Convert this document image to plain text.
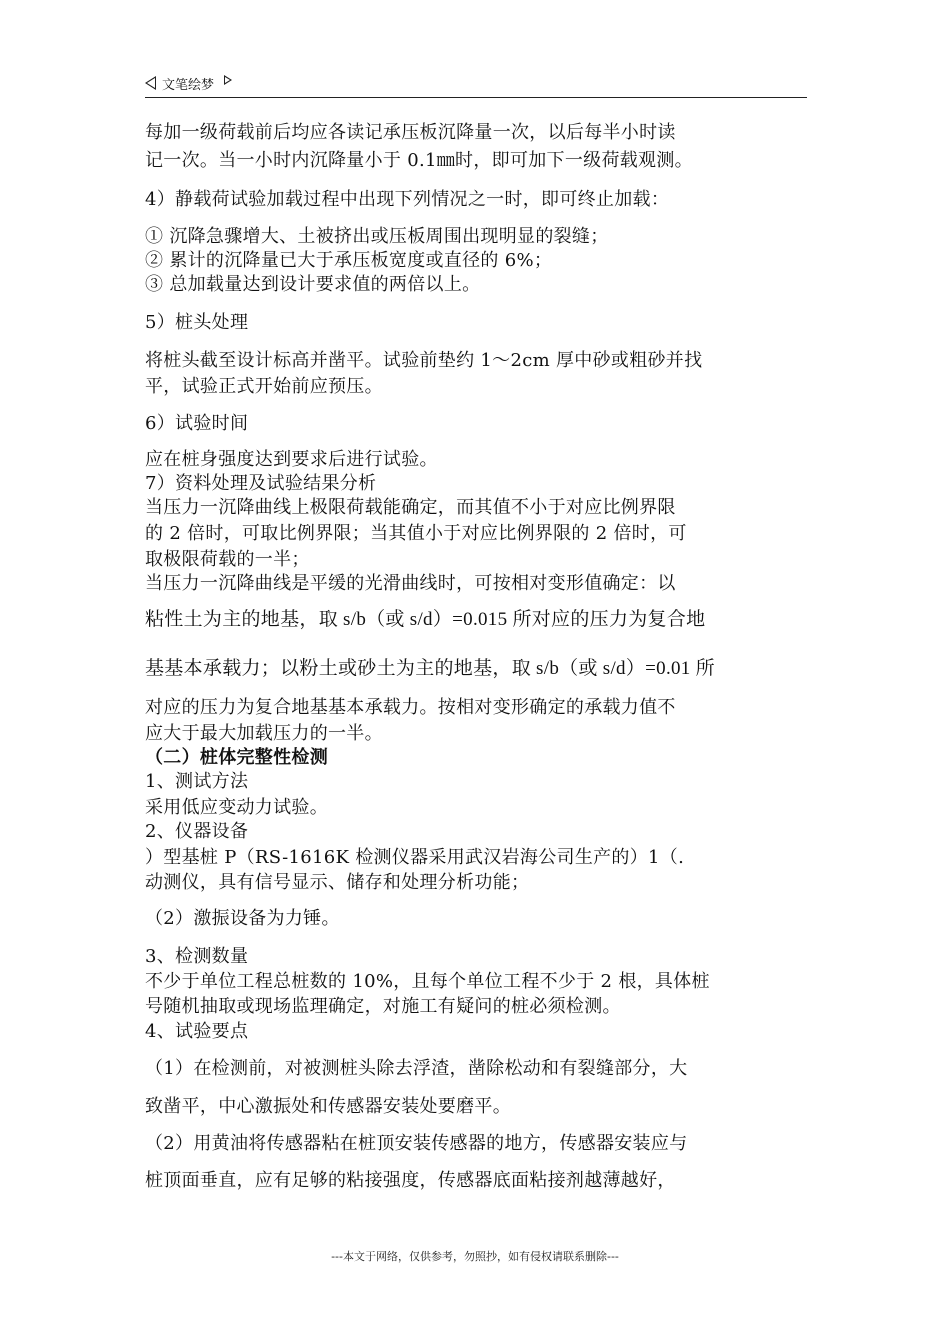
文笔绘梦
每加一级荷载前后均应各读记承压板沉降量一次，以后每半小时读
记一次。当一小时内沉降量小于 0.1㎜时，即可加下一级荷载观测。
4）静载荷试验加载过程中出现下列情况之一时，即可终止加载：
① 沉降急骤增大、土被挤出或压板周围出现明显的裂缝；
② 累计的沉降量已大于承压板宽度或直径的 6%；
③ 总加载量达到设计要求值的两倍以上。
5）桩头处理
将桩头截至设计标高并凿平。试验前垫约 1～2cm 厚中砂或粗砂并找
平，试验正式开始前应预压。
6）试验时间
应在桩身强度达到要求后进行试验。
7）资料处理及试验结果分析
当压力一沉降曲线上极限荷载能确定，而其值不小于对应比例界限
的 2 倍时，可取比例界限；当其值小于对应比例界限的 2 倍时，可
取极限荷载的一半；
当压力一沉降曲线是平缓的光滑曲线时，可按相对变形值确定：以
粘性土为主的地基，取 s/b（或 s/d）=0.015 所对应的压力为复合地
基基本承载力；以粉土或砂土为主的地基，取 s/b（或 s/d）=0.01 所
对应的压力为复合地基基本承载力。按相对变形确定的承载力值不
应大于最大加载压力的一半。
（二）桩体完整性检测
1、测试方法
采用低应变动力试验。
2、仪器设备
）型基桩 P（RS-1616K 检测仪器采用武汉岩海公司生产的）1（.
动测仪，具有信号显示、储存和处理分析功能；
（2）激振设备为力锤。
3、检测数量
不少于单位工程总桩数的 10%，且每个单位工程不少于 2 根，具体桩
号随机抽取或现场监理确定，对施工有疑问的桩必须检测。
4、试验要点
（1）在检测前，对被测桩头除去浮渣，凿除松动和有裂缝部分，大
致凿平，中心激振处和传感器安装处要磨平。
（2）用黄油将传感器粘在桩顶安装传感器的地方，传感器安装应与
桩顶面垂直，应有足够的粘接强度，传感器底面粘接剂越薄越好，
---本文于网络，仅供参考，勿照抄，如有侵权请联系删除---
